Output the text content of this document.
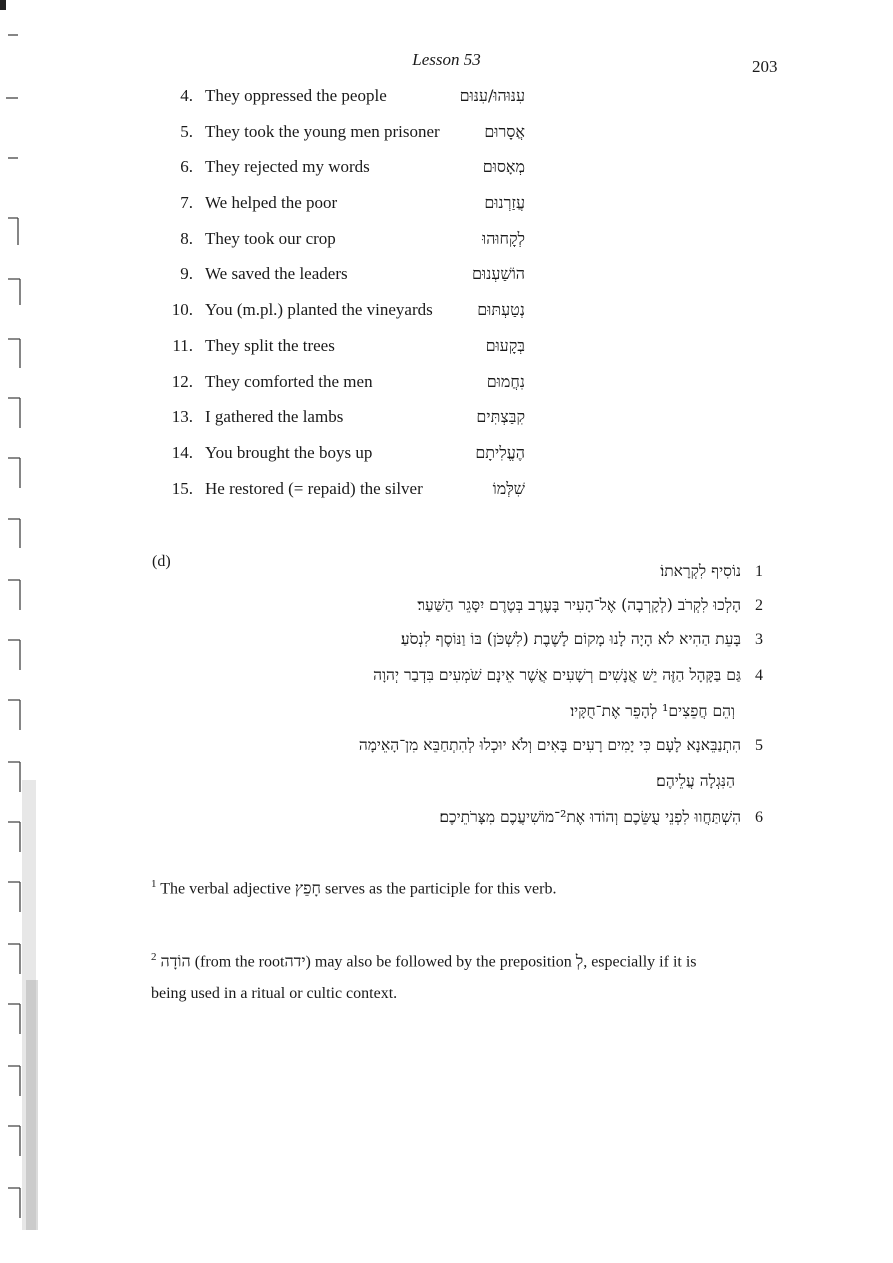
Lesson 53	203
4. They oppressed the people	עִנּוּהוּ/עִנּוּם
5. They took the young men prisoner	אֲסָרוּם
6. They rejected my words	מְאָסוּם
7. We helped the poor	עֲזַרְנוּם
8. They took our crop	לְקָחוּהוּ
9. We saved the leaders	הוֹשַׁעְנוּם
10. You (m.pl.) planted the vineyards	נְטַעְתּוּם
11. They split the trees	בְּקָעוּם
12. They comforted the men	נִחֲמוּם
13. I gathered the lambs	קִבַּצְתִּים
14. You brought the boys up	הֶעֱלִיתָם
15. He restored (= repaid) the silver	שִׁלְּמוֹ
(d)
1נוֹסִיף לִקְרָאתוֹ׃
2הָלְכוּ לִקְרֹב (לְקָרְבָה) אֶל־הָעִיר בָּעֶרֶב בְּטֶרֶם יִסָּגֵר הַשַּׁעַר׃
3בָּעֵת הַהִיא לֹא הָיָה לָנוּ מָקוֹם לָשֶׁבֶת (לִשְׁכֹּן) בּוֹ וַנּוֹסֶף לִנְסֹעַ׃
4גַּם בַּקָּהָל הַזֶּה יֵשׁ אֲנָשִׁים רְשָׁעִים אֲשֶׁר אֵינָם שֹׁמְעִים בִּדְבַר יְהוָה
וְהֵם חֲפֵצִים¹ לְהָפֵר אֶת־חֻקָּיו׃
5הִתְנַבֵּאנָא לָעָם כִּי יָמִים רָעִים בָּאִים וְלֹא יוּכְלוּ לְהִתְחַבֵּא מִן־הָאֵימָה
הַנִּגְלָה עֲלֵיהֶם׃
6הִשְׁתַּחֲווּ לִפְנֵי עֻשֵּׂכֶם וְהוֹדוּ אֶת²־מוֹשִׁיעֲכֶם מִצָּרֹתֵיכֶם׃
$^1$ The verbal adjective חָפֵץ serves as the participle for this verb.
$^2$ הוֹדָה (from the rootידה) may also be followed by the preposition לְ, especially if it is
being used in a ritual or cultic context.
